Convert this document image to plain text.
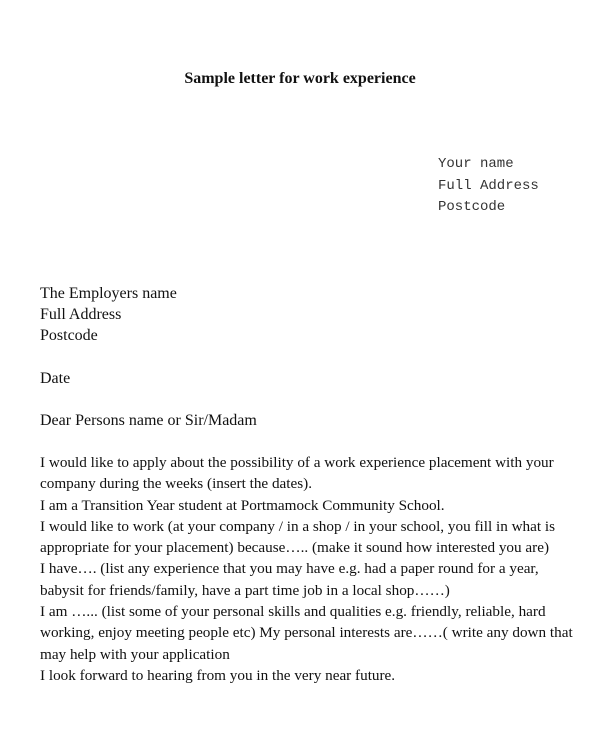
Sample letter for work experience
Your name
Full Address
Postcode
The Employers name
Full Address
Postcode
Date
Dear Persons name or Sir/Madam
I would like to apply about the possibility of a work experience placement with your
company during the weeks (insert the dates).
I am a Transition Year student at Portmamock Community School.
I would like to work (at your company / in a shop / in your school, you fill in what is
appropriate for your placement) because….. (make it sound how interested you are)
I have…. (list any experience that you may have e.g. had a paper round for a year,
babysit for friends/family, have a part time job in a local shop……)
I am …... (list some of your personal skills and qualities e.g. friendly, reliable, hard
working, enjoy meeting people etc) My personal interests are……( write any down that
may help with your application
I look forward to hearing from you in the very near future.
